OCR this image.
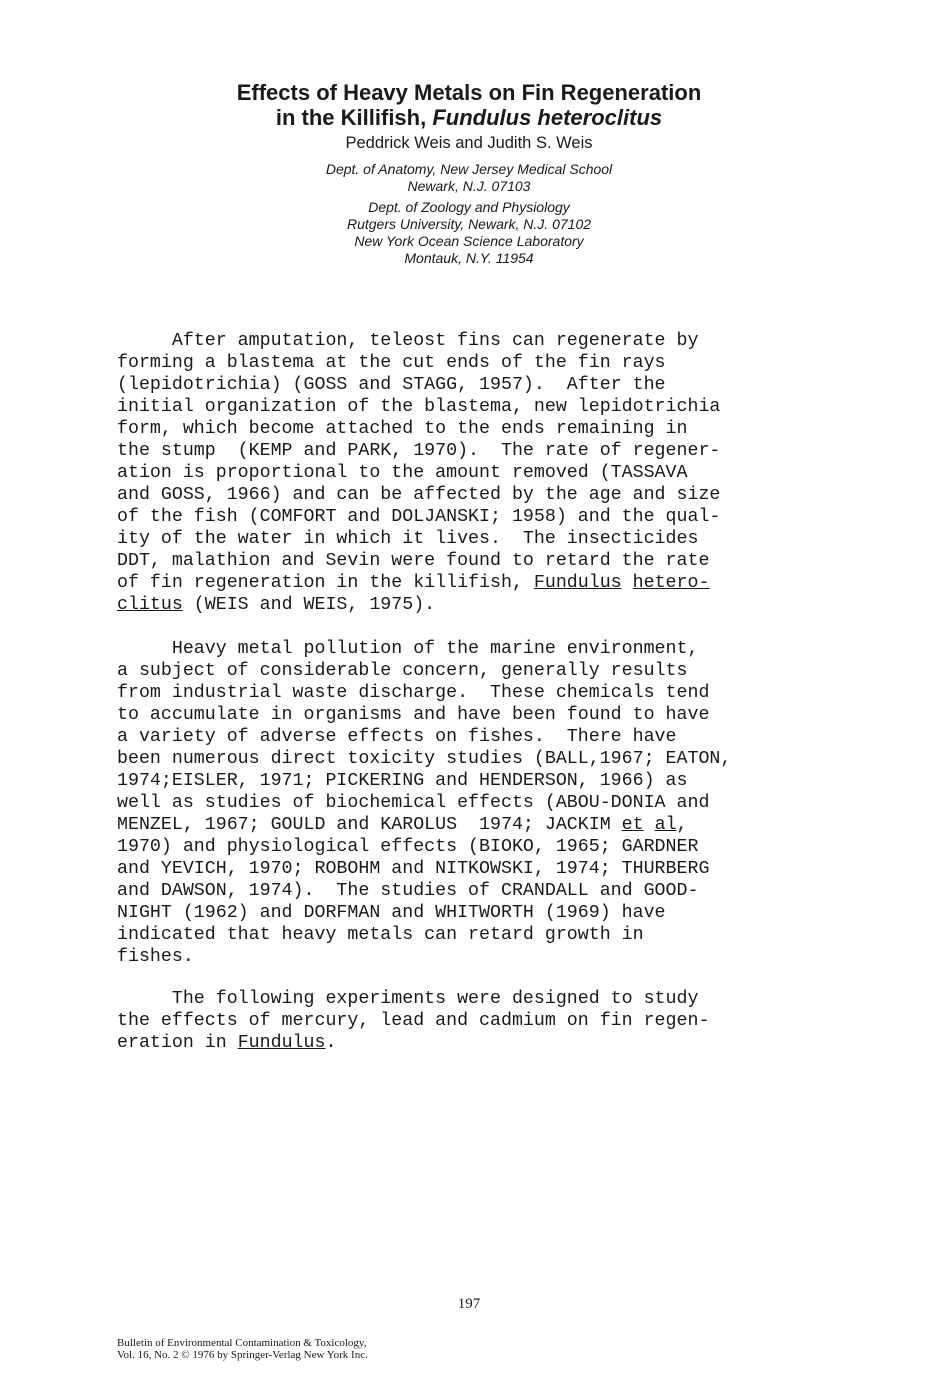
Effects of Heavy Metals on Fin Regeneration
in the Killifish, Fundulus heteroclitus
Peddrick Weis and Judith S. Weis
Dept. of Anatomy, New Jersey Medical School
Newark, N.J. 07103
Dept. of Zoology and Physiology
Rutgers University, Newark, N.J. 07102
New York Ocean Science Laboratory
Montauk, N.Y. 11954
After amputation, teleost fins can regenerate by
forming a blastema at the cut ends of the fin rays
(lepidotrichia) (GOSS and STAGG, 1957).  After the
initial organization of the blastema, new lepidotrichia
form, which become attached to the ends remaining in
the stump  (KEMP and PARK, 1970).  The rate of regener-
ation is proportional to the amount removed (TASSAVA
and GOSS, 1966) and can be affected by the age and size
of the fish (COMFORT and DOLJANSKI; 1958) and the qual-
ity of the water in which it lives.  The insecticides
DDT, malathion and Sevin were found to retard the rate
of fin regeneration in the killifish, Fundulus hetero-
clitus (WEIS and WEIS, 1975).
Heavy metal pollution of the marine environment,
a subject of considerable concern, generally results
from industrial waste discharge.  These chemicals tend
to accumulate in organisms and have been found to have
a variety of adverse effects on fishes.  There have
been numerous direct toxicity studies (BALL,1967; EATON,
1974;EISLER, 1971; PICKERING and HENDERSON, 1966) as
well as studies of biochemical effects (ABOU-DONIA and
MENZEL, 1967; GOULD and KAROLUS  1974; JACKIM et al,
1970) and physiological effects (BIOKO, 1965; GARDNER
and YEVICH, 1970; ROBOHM and NITKOWSKI, 1974; THURBERG
and DAWSON, 1974).  The studies of CRANDALL and GOOD-
NIGHT (1962) and DORFMAN and WHITWORTH (1969) have
indicated that heavy metals can retard growth in
fishes.
The following experiments were designed to study
the effects of mercury, lead and cadmium on fin regen-
eration in Fundulus.
197
Bulletin of Environmental Contamination & Toxicology,
Vol. 16, No. 2 © 1976 by Springer-Verlag New York Inc.
